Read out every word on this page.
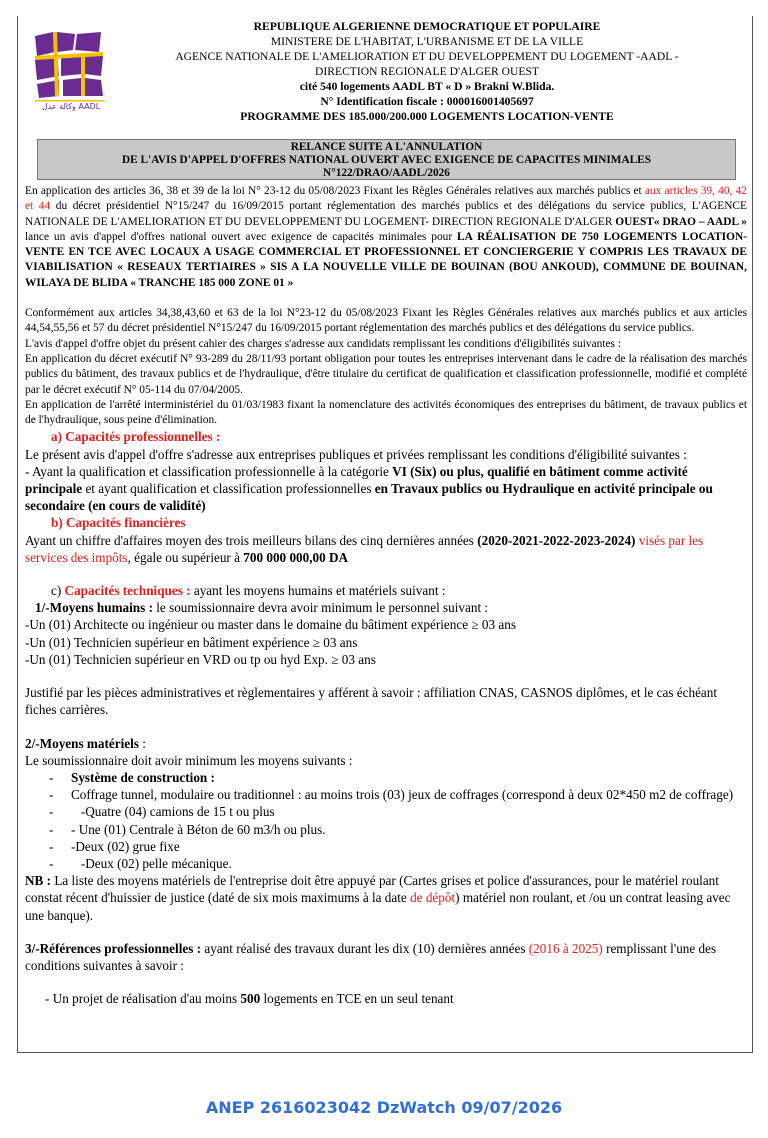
ﻭﻛﺎﻟﺔ ﻋﺪﻝ AADL
REPUBLIQUE ALGERIENNE DEMOCRATIQUE ET POPULAIRE
MINISTERE DE L'HABITAT, L'URBANISME ET DE LA VILLE
AGENCE NATIONALE DE L'AMELIORATION ET DU DEVELOPPEMENT DU LOGEMENT -AADL -
DIRECTION REGIONALE D'ALGER OUEST
cité 540 logements AADL BT « D » Brakni W.Blida.
N° Identification fiscale : 000016001405697
PROGRAMME DES 185.000/200.000 LOGEMENTS LOCATION-VENTE
RELANCE SUITE A L'ANNULATION
DE L'AVIS D'APPEL D'OFFRES NATIONAL OUVERT AVEC EXIGENCE DE CAPACITES MINIMALES
N°122/DRAO/AADL/2026
En application des articles 36, 38 et 39 de la loi N° 23-12 du 05/08/2023 Fixant les Règles Générales relatives aux marchés publics et aux articles 39, 40, 42 et 44 du décret présidentiel N°15/247 du 16/09/2015 portant réglementation des marchés publics et des délégations du service publics, L'AGENCE NATIONALE DE L'AMELIORATION ET DU DEVELOPPEMENT DU LOGEMENT- DIRECTION REGIONALE D'ALGER OUEST« DRAO – AADL » lance un avis d'appel d'offres national ouvert avec exigence de capacités minimales pour LA RÉALISATION DE 750 LOGEMENTS LOCATION-VENTE EN TCE AVEC LOCAUX A USAGE COMMERCIAL ET PROFESSIONNEL ET CONCIERGERIE Y COMPRIS LES TRAVAUX DE VIABILISATION « RESEAUX TERTIAIRES » SIS A LA NOUVELLE VILLE DE BOUINAN (BOU ANKOUD), COMMUNE DE BOUINAN, WILAYA DE BLIDA « TRANCHE 185 000 ZONE 01 »
Conformément aux articles 34,38,43,60 et 63 de la loi N°23-12 du 05/08/2023 Fixant les Règles Générales relatives aux marchés publics et aux articles 44,54,55,56 et 57 du décret présidentiel N°15/247 du 16/09/2015 portant réglementation des marchés publics et des délégations du service publics.
L'avis d'appel d'offre objet du présent cahier des charges s'adresse aux candidats remplissant les conditions d'éligibilités suivantes :
En application du décret exécutif N° 93-289 du 28/11/93 portant obligation pour toutes les entreprises intervenant dans le cadre de la réalisation des marchés publics du bâtiment, des travaux publics et de l'hydraulique, d'être titulaire du certificat de qualification et classification professionnelle, modifié et complété par le décret exécutif N° 05-114 du 07/04/2005.
En application de l'arrêté interministériel du 01/03/1983 fixant la nomenclature des activités économiques des entreprises du bâtiment, de travaux publics et de l'hydraulique, sous peine d'élimination.
a) Capacités professionnelles :
Le présent avis d'appel d'offre s'adresse aux entreprises publiques et privées remplissant les conditions d'éligibilité suivantes :
- Ayant la qualification et classification professionnelle à la catégorie VI (Six) ou plus, qualifié en bâtiment comme activité principale et ayant qualification et classification professionnelles en Travaux publics ou Hydraulique en activité principale ou secondaire (en cours de validité)
b) Capacités financières
Ayant un chiffre d'affaires moyen des trois meilleurs bilans des cinq dernières années (2020-2021-2022-2023-2024) visés par les services des impôts, égale ou supérieur à 700 000 000,00 DA
c) Capacités techniques : ayant les moyens humains et matériels suivant :
1/-Moyens humains : le soumissionnaire devra avoir minimum le personnel suivant :
-Un (01) Architecte ou ingénieur ou master dans le domaine du bâtiment expérience ≥ 03 ans
-Un (01) Technicien supérieur en bâtiment expérience ≥ 03 ans
-Un (01) Technicien supérieur en VRD ou tp ou hyd Exp. ≥ 03 ans
Justifié par les pièces administratives et règlementaires y afférent à savoir : affiliation CNAS, CASNOS diplômes, et le cas échéant fiches carrières.
2/-Moyens matériels :
Le soumissionnaire doit avoir minimum les moyens suivants :
-	Système de construction :
-	Coffrage tunnel, modulaire ou traditionnel : au moins trois (03) jeux de coffrages (correspond à deux 02*450 m2 de coffrage)
-	-Quatre (04) camions de 15 t ou plus
-	- Une (01) Centrale à Béton de 60 m3/h ou plus.
-	-Deux (02) grue fixe
-	-Deux (02) pelle mécanique.
NB : La liste des moyens matériels de l'entreprise doit être appuyé par (Cartes grises et police d'assurances, pour le matériel roulant constat récent d'huissier de justice (daté de six mois maximums à la date de dépôt) matériel non roulant, et /ou un contrat leasing avec une banque).
3/-Références professionnelles : ayant réalisé des travaux durant les dix (10) dernières années (2016 à 2025) remplissant l'une des conditions suivantes à savoir :
- Un projet de réalisation d'au moins 500 logements en TCE en un seul tenant
ANEP 2616023042 DzWatch 09/07/2026
